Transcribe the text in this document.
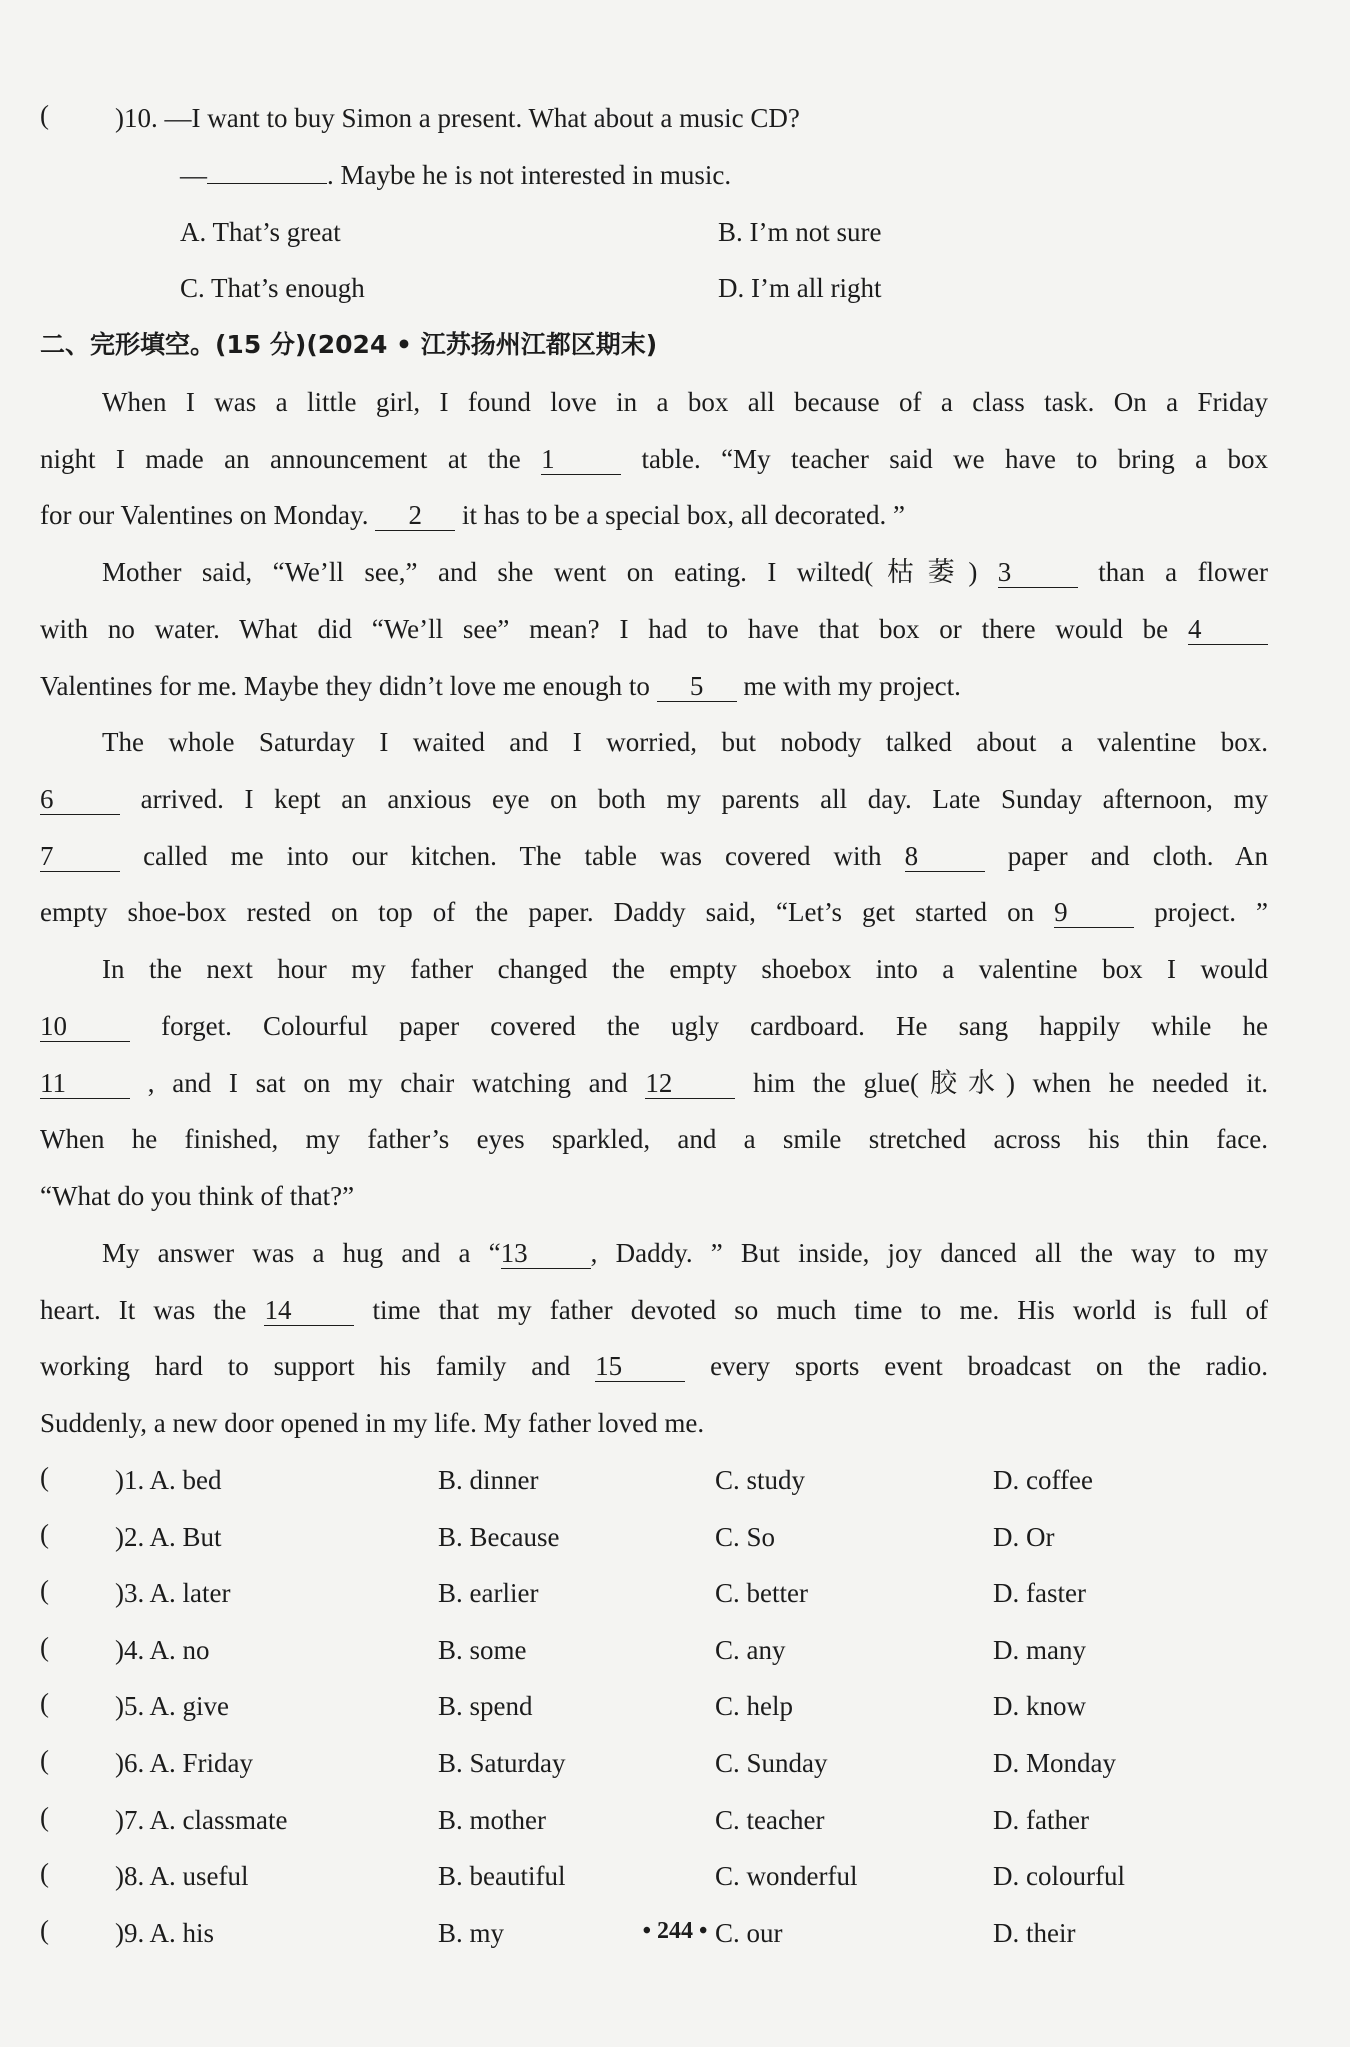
( )10. —I want to buy Simon a present. What about a music CD?
—	. Maybe he is not interested in music.
A. That’s great	B. I’m not sure
C. That’s enough	D. I’m all right
二、完形填空。(15 分)(2024 • 江苏扬州江都区期末)
When I was a little girl, I found love in a box all because of a class task. On a Friday
night I made an announcement at the 1	table. “My teacher said we have to bring a box
for our Valentines on Monday. 2 it has to be a special box, all decorated. ”
Mother said, “We’ll see,” and she went on eating. I wilted(枯萎) 3	than a flower
with no water. What did “We’ll see” mean? I had to have that box or there would be 4
Valentines for me. Maybe they didn’t love me enough to 5 me with my project.
The whole Saturday I waited and I worried, but nobody talked about a valentine box.
6	arrived. I kept an anxious eye on both my parents all day. Late Sunday afternoon, my
7	called me into our kitchen. The table was covered with 8	paper and cloth. An
empty shoe-box rested on top of the paper. Daddy said, “Let’s get started on 9	project. ”
In the next hour my father changed the empty shoebox into a valentine box I would
10	forget. Colourful paper covered the ugly cardboard. He sang happily while he
11	, and I sat on my chair watching and 12	him the glue(胶水) when he needed it.
When he finished, my father’s eyes sparkled, and a smile stretched across his thin face.
“What do you think of that?”
My answer was a hug and a “13 , Daddy. ” But inside, joy danced all the way to my
heart. It was the 14	time that my father devoted so much time to me. His world is full of
working hard to support his family and 15	every sports event broadcast on the radio.
Suddenly, a new door opened in my life. My father loved me.
( )1. A. bed	B. dinner	C. study	D. coffee
( )2. A. But	B. Because	C. So	D. Or
( )3. A. later	B. earlier	C. better	D. faster
( )4. A. no	B. some	C. any	D. many
( )5. A. give	B. spend	C. help	D. know
( )6. A. Friday	B. Saturday	C. Sunday	D. Monday
( )7. A. classmate	B. mother	C. teacher	D. father
( )8. A. useful	B. beautiful	C. wonderful	D. colourful
( )9. A. his	B. my	C. our	D. their
• 244 •
